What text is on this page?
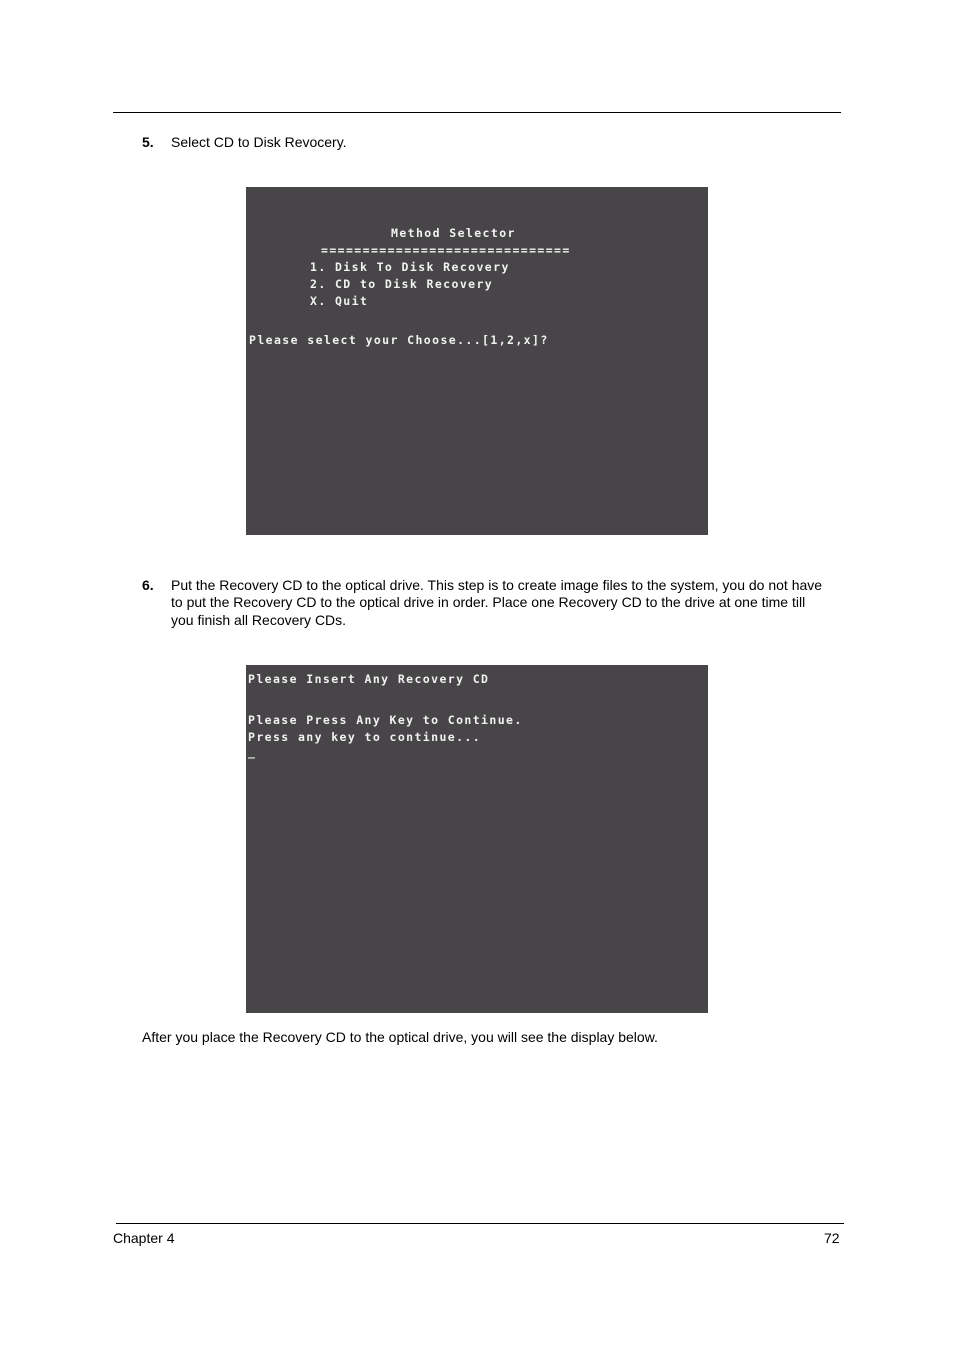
5. Select CD to Disk Revocery.
Method Selector
==============================
1. Disk To Disk Recovery
2. CD to Disk Recovery
X. Quit
Please select your Choose...[1,2,x]?
6. Put the Recovery CD to the optical drive. This step is to create image files to the system, you do not have
to put the Recovery CD to the optical drive in order. Place one Recovery CD to the drive at one time till
you finish all Recovery CDs.
Please Insert Any Recovery CD
Please Press Any Key to Continue.
Press any key to continue...
_
After you place the Recovery CD to the optical drive, you will see the display below.
Chapter 4	72
